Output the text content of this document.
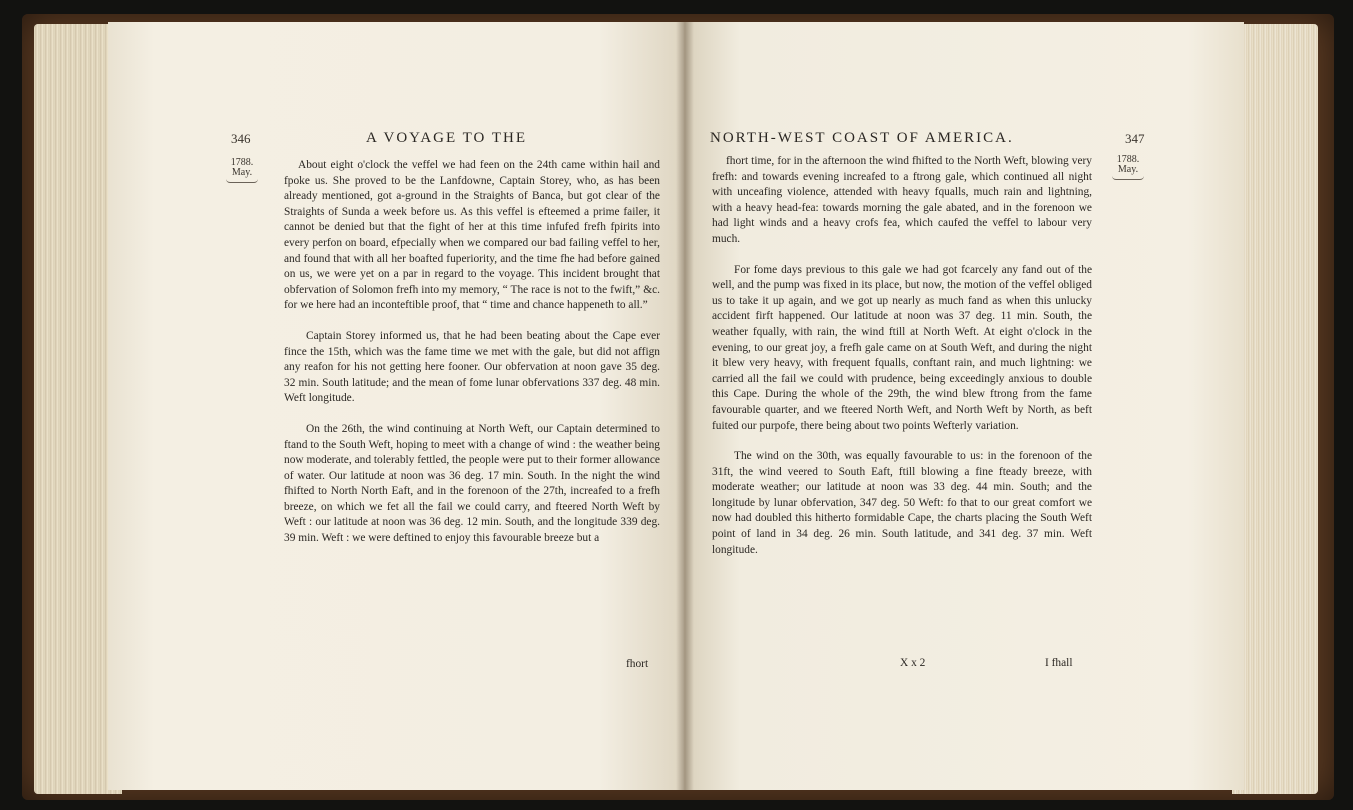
346	A VOYAGE TO THE
1788.
May.

About eight o'clock the veffel we had feen on the 24th came within hail and fpoke us. She proved to be the Lanfdowne, Captain Storey, who, as has been already mentioned, got a-ground in the Straights of Banca, but got clear of the Straights of Sunda a week before us. As this veffel is efteemed a prime failer, it cannot be denied but that the fight of her at this time infufed frefh fpirits into every perfon on board, efpecially when we compared our bad failing veffel to her, and found that with all her boafted fuperiority, and the time fhe had before gained on us, we were yet on a par in regard to the voyage. This incident brought that obfervation of Solomon frefh into my memory, “ The race is not to the fwift,” &c. for we here had an inconteftible proof, that “ time and chance happeneth to all.”

Captain Storey informed us, that he had been beating about the Cape ever fince the 15th, which was the fame time we met with the gale, but did not affign any reafon for his not getting here fooner. Our obfervation at noon gave 35 deg. 32 min. South latitude; and the mean of fome lunar obfervations 337 deg. 48 min. Weft longitude.

On the 26th, the wind continuing at North Weft, our Captain determined to ftand to the South Weft, hoping to meet with a change of wind : the weather being now moderate, and tolerably fettled, the people were put to their former allowance of water. Our latitude at noon was 36 deg. 17 min. South. In the night the wind fhifted to North North Eaft, and in the forenoon of the 27th, increafed to a frefh breeze, on which we fet all the fail we could carry, and fteered North Weft by Weft : our latitude at noon was 36 deg. 12 min. South, and the longitude 339 deg. 39 min. Weft : we were deftined to enjoy this favourable breeze but a

fhort
NORTH-WEST COAST OF AMERICA.	347
1788.
May.

fhort time, for in the afternoon the wind fhifted to the North Weft, blowing very frefh: and towards evening increafed to a ftrong gale, which continued all night with unceafing violence, attended with heavy fqualls, much rain and lightning, with a heavy head-fea: towards morning the gale abated, and in the forenoon we had light winds and a heavy crofs fea, which caufed the veffel to labour very much.

For fome days previous to this gale we had got fcarcely any fand out of the well, and the pump was fixed in its place, but now, the motion of the veffel obliged us to take it up again, and we got up nearly as much fand as when this unlucky accident firft happened. Our latitude at noon was 37 deg. 11 min. South, the weather fqually, with rain, the wind ftill at North Weft. At eight o'clock in the evening, to our great joy, a frefh gale came on at South Weft, and during the night it blew very heavy, with frequent fqualls, conftant rain, and much lightning: we carried all the fail we could with prudence, being exceedingly anxious to double this Cape. During the whole of the 29th, the wind blew ftrong from the fame favourable quarter, and we fteered North Weft, and North Weft by North, as beft fuited our purpofe, there being about two points Wefterly variation.

The wind on the 30th, was equally favourable to us: in the forenoon of the 31ft, the wind veered to South Eaft, ftill blowing a fine fteady breeze, with moderate weather; our latitude at noon was 33 deg. 44 min. South; and the longitude by lunar obfervation, 347 deg. 50 Weft: fo that to our great comfort we now had doubled this hitherto formidable Cape, the charts placing the South Weft point of land in 34 deg. 26 min. South latitude, and 341 deg. 37 min. Weft longitude.

X x 2	I fhall
